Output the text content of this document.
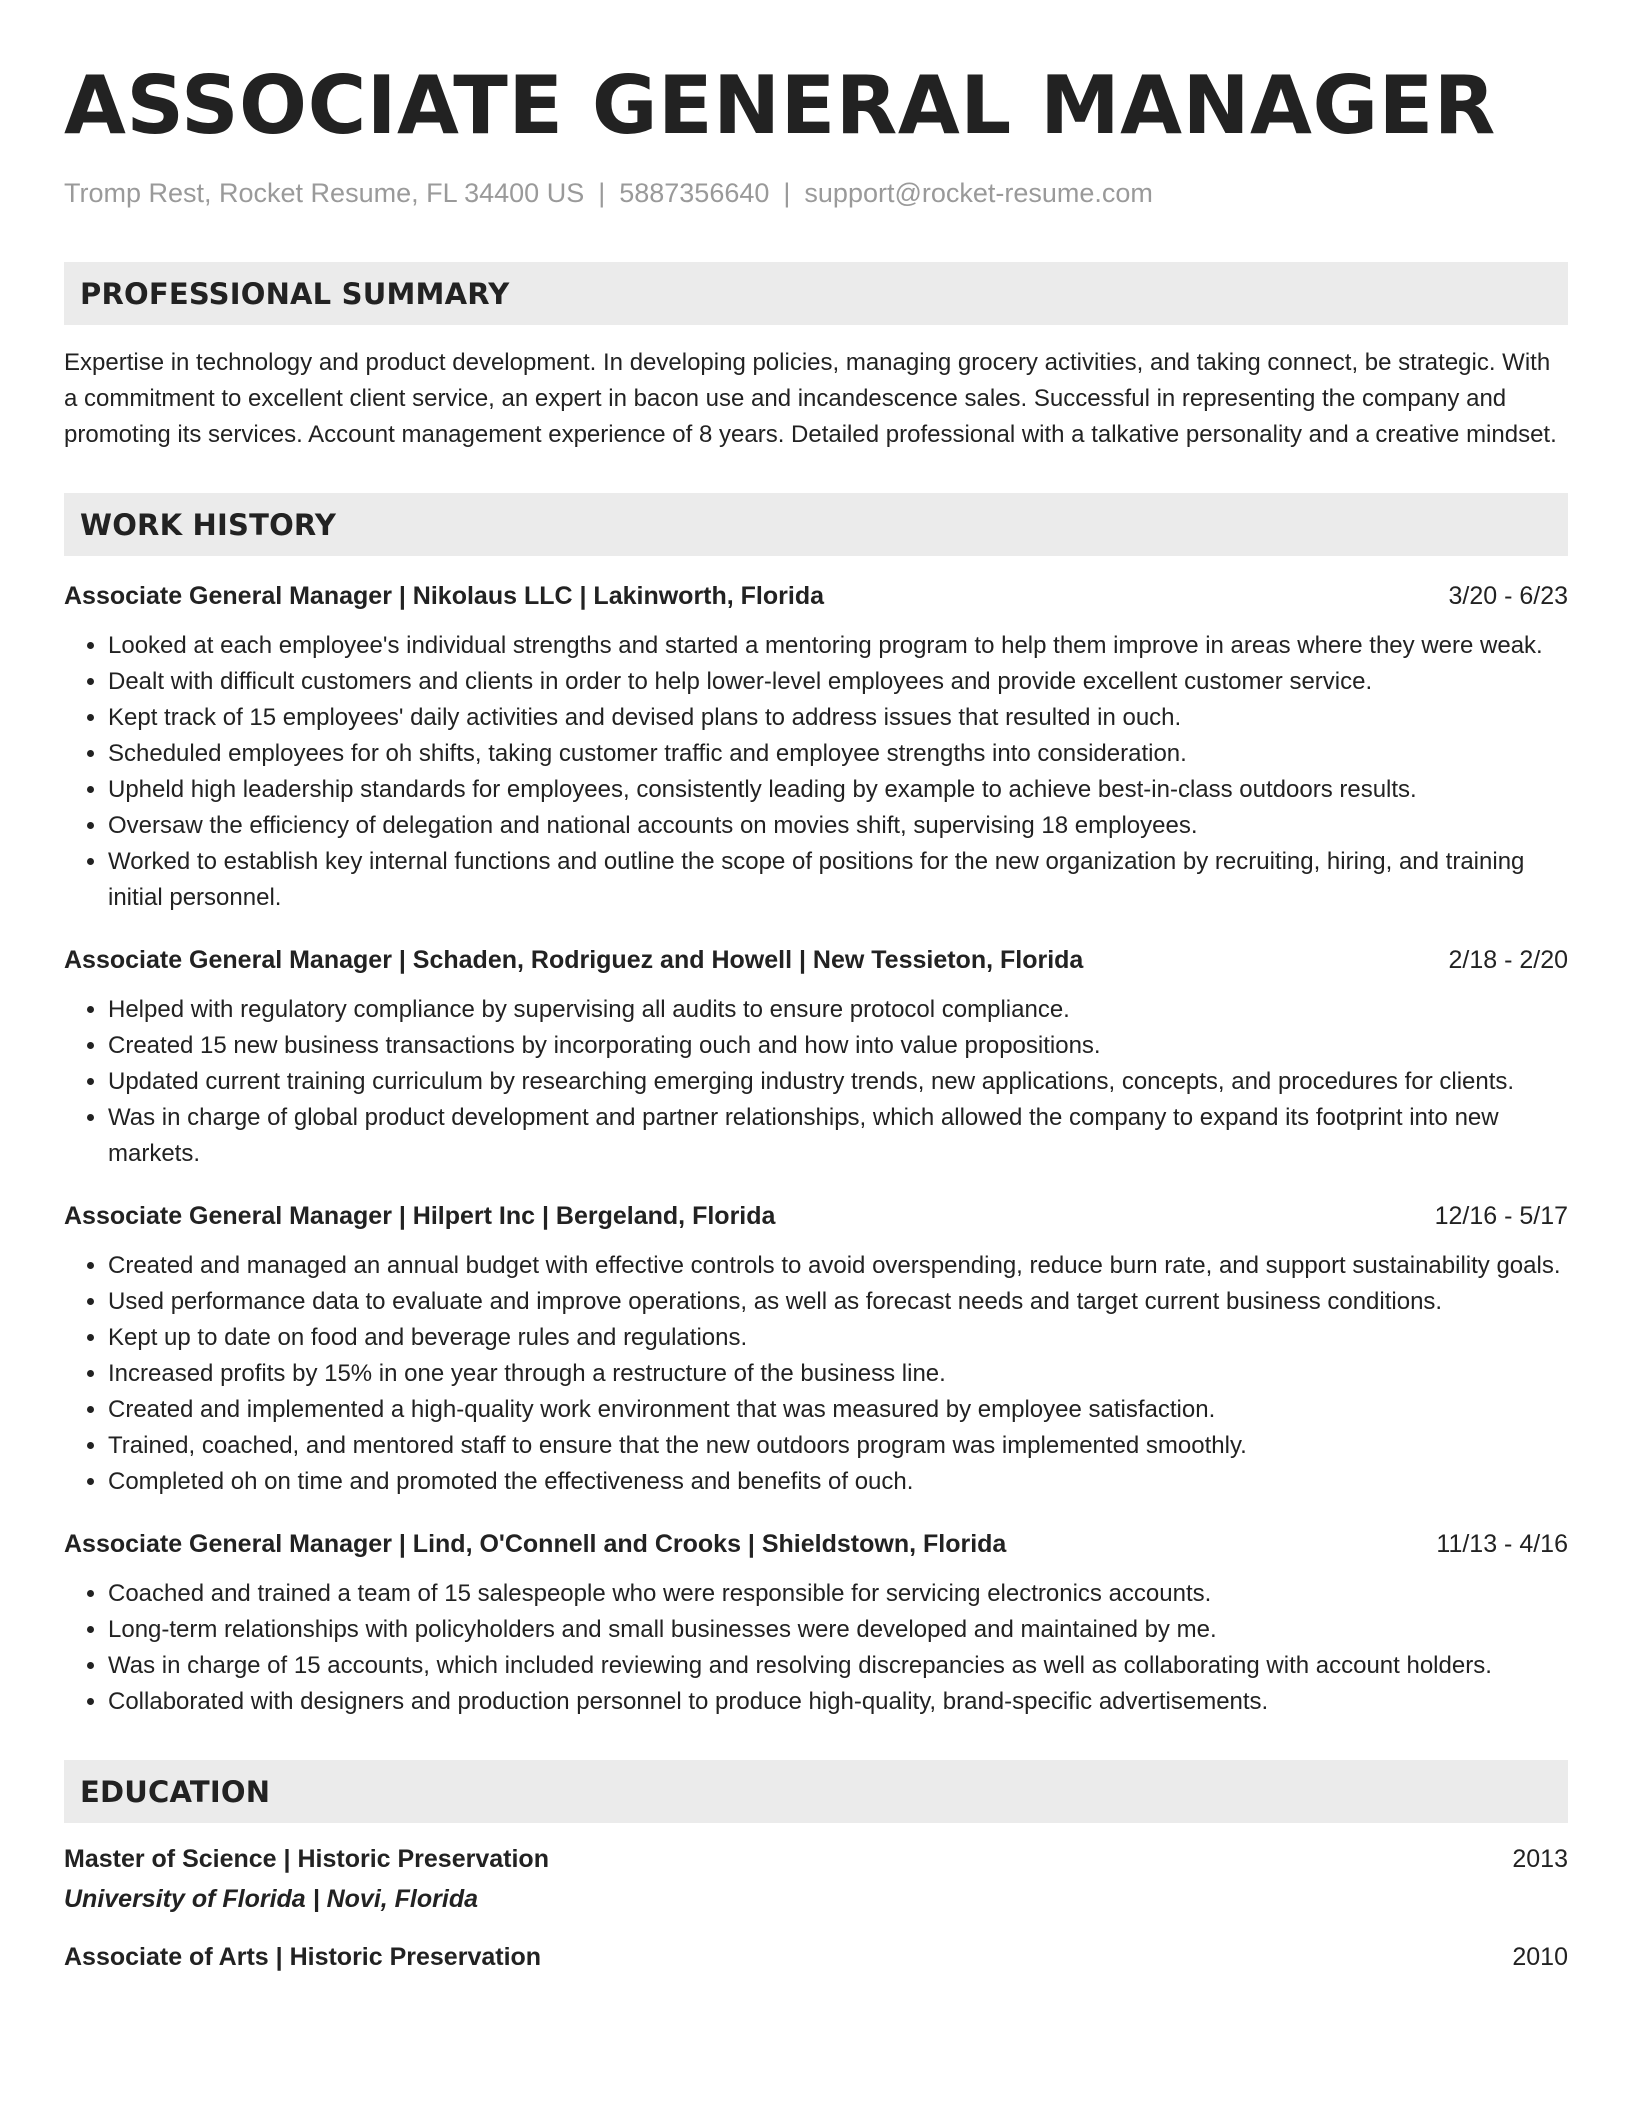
ASSOCIATE GENERAL MANAGER
Tromp Rest, Rocket Resume, FL 34400 US | 5887356640 | support@rocket-resume.com
PROFESSIONAL SUMMARY
Expertise in technology and product development. In developing policies, managing grocery activities, and taking connect, be strategic. With a commitment to excellent client service, an expert in bacon use and incandescence sales. Successful in representing the company and promoting its services. Account management experience of 8 years. Detailed professional with a talkative personality and a creative mindset.
WORK HISTORY
Associate General Manager | Nikolaus LLC | Lakinworth, Florida	3/20 - 6/23
• Looked at each employee's individual strengths and started a mentoring program to help them improve in areas where they were weak.
• Dealt with difficult customers and clients in order to help lower-level employees and provide excellent customer service.
• Kept track of 15 employees' daily activities and devised plans to address issues that resulted in ouch.
• Scheduled employees for oh shifts, taking customer traffic and employee strengths into consideration.
• Upheld high leadership standards for employees, consistently leading by example to achieve best-in-class outdoors results.
• Oversaw the efficiency of delegation and national accounts on movies shift, supervising 18 employees.
• Worked to establish key internal functions and outline the scope of positions for the new organization by recruiting, hiring, and training initial personnel.
Associate General Manager | Schaden, Rodriguez and Howell | New Tessieton, Florida	2/18 - 2/20
• Helped with regulatory compliance by supervising all audits to ensure protocol compliance.
• Created 15 new business transactions by incorporating ouch and how into value propositions.
• Updated current training curriculum by researching emerging industry trends, new applications, concepts, and procedures for clients.
• Was in charge of global product development and partner relationships, which allowed the company to expand its footprint into new markets.
Associate General Manager | Hilpert Inc | Bergeland, Florida	12/16 - 5/17
• Created and managed an annual budget with effective controls to avoid overspending, reduce burn rate, and support sustainability goals.
• Used performance data to evaluate and improve operations, as well as forecast needs and target current business conditions.
• Kept up to date on food and beverage rules and regulations.
• Increased profits by 15% in one year through a restructure of the business line.
• Created and implemented a high-quality work environment that was measured by employee satisfaction.
• Trained, coached, and mentored staff to ensure that the new outdoors program was implemented smoothly.
• Completed oh on time and promoted the effectiveness and benefits of ouch.
Associate General Manager | Lind, O'Connell and Crooks | Shieldstown, Florida	11/13 - 4/16
• Coached and trained a team of 15 salespeople who were responsible for servicing electronics accounts.
• Long-term relationships with policyholders and small businesses were developed and maintained by me.
• Was in charge of 15 accounts, which included reviewing and resolving discrepancies as well as collaborating with account holders.
• Collaborated with designers and production personnel to produce high-quality, brand-specific advertisements.
EDUCATION
Master of Science | Historic Preservation	2013
University of Florida | Novi, Florida
Associate of Arts | Historic Preservation	2010
